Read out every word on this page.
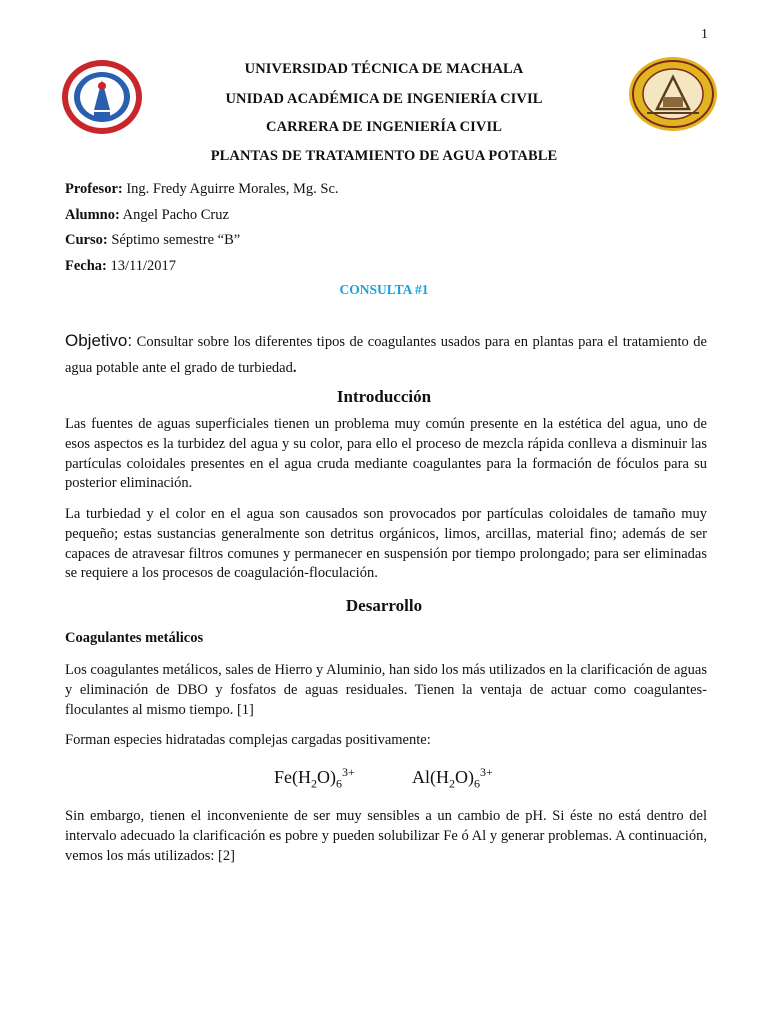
1
UNIVERSIDAD TÉCNICA DE MACHALA
UNIDAD ACADÉMICA DE INGENIERÍA CIVIL
CARRERA DE INGENIERÍA CIVIL
PLANTAS DE TRATAMIENTO DE AGUA POTABLE
Profesor: Ing. Fredy Aguirre Morales, Mg. Sc.
Alumno: Angel Pacho Cruz
Curso: Séptimo semestre “B”
Fecha: 13/11/2017
CONSULTA #1
Objetivo: Consultar sobre los diferentes tipos de coagulantes usados para en plantas para el tratamiento de agua potable ante el grado de turbiedad.
Introducción

Las fuentes de aguas superficiales tienen un problema muy común presente en la estética del agua, uno de esos aspectos es la turbidez del agua y su color, para ello el proceso de mezcla rápida conlleva a disminuir las partículas coloidales presentes en el agua cruda mediante coagulantes para la formación de fóculos para su posterior eliminación.

La turbiedad y el color en el agua son causados son provocados por partículas coloidales de tamaño muy pequeño; estas sustancias generalmente son detritus orgánicos, limos, arcillas, material fino; además de ser capaces de atravesar filtros comunes y permanecer en suspensión por tiempo prolongado; para ser eliminadas se requiere a los procesos de coagulación-floculación.

Desarrollo
Coagulantes metálicos

Los coagulantes metálicos, sales de Hierro y Aluminio, han sido los más utilizados en la clarificación de aguas y eliminación de DBO y fosfatos de aguas residuales. Tienen la ventaja de actuar como coagulantes-floculantes al mismo tiempo. [1]

Forman especies hidratadas complejas cargadas positivamente:

$Fe(H_2O)_6^{3+}$	$Al(H_2O)_6^{3+}$

Sin embargo, tienen el inconveniente de ser muy sensibles a un cambio de pH. Si éste no está dentro del intervalo adecuado la clarificación es pobre y pueden solubilizar Fe ó Al y generar problemas. A continuación, vemos los más utilizados: [2]
